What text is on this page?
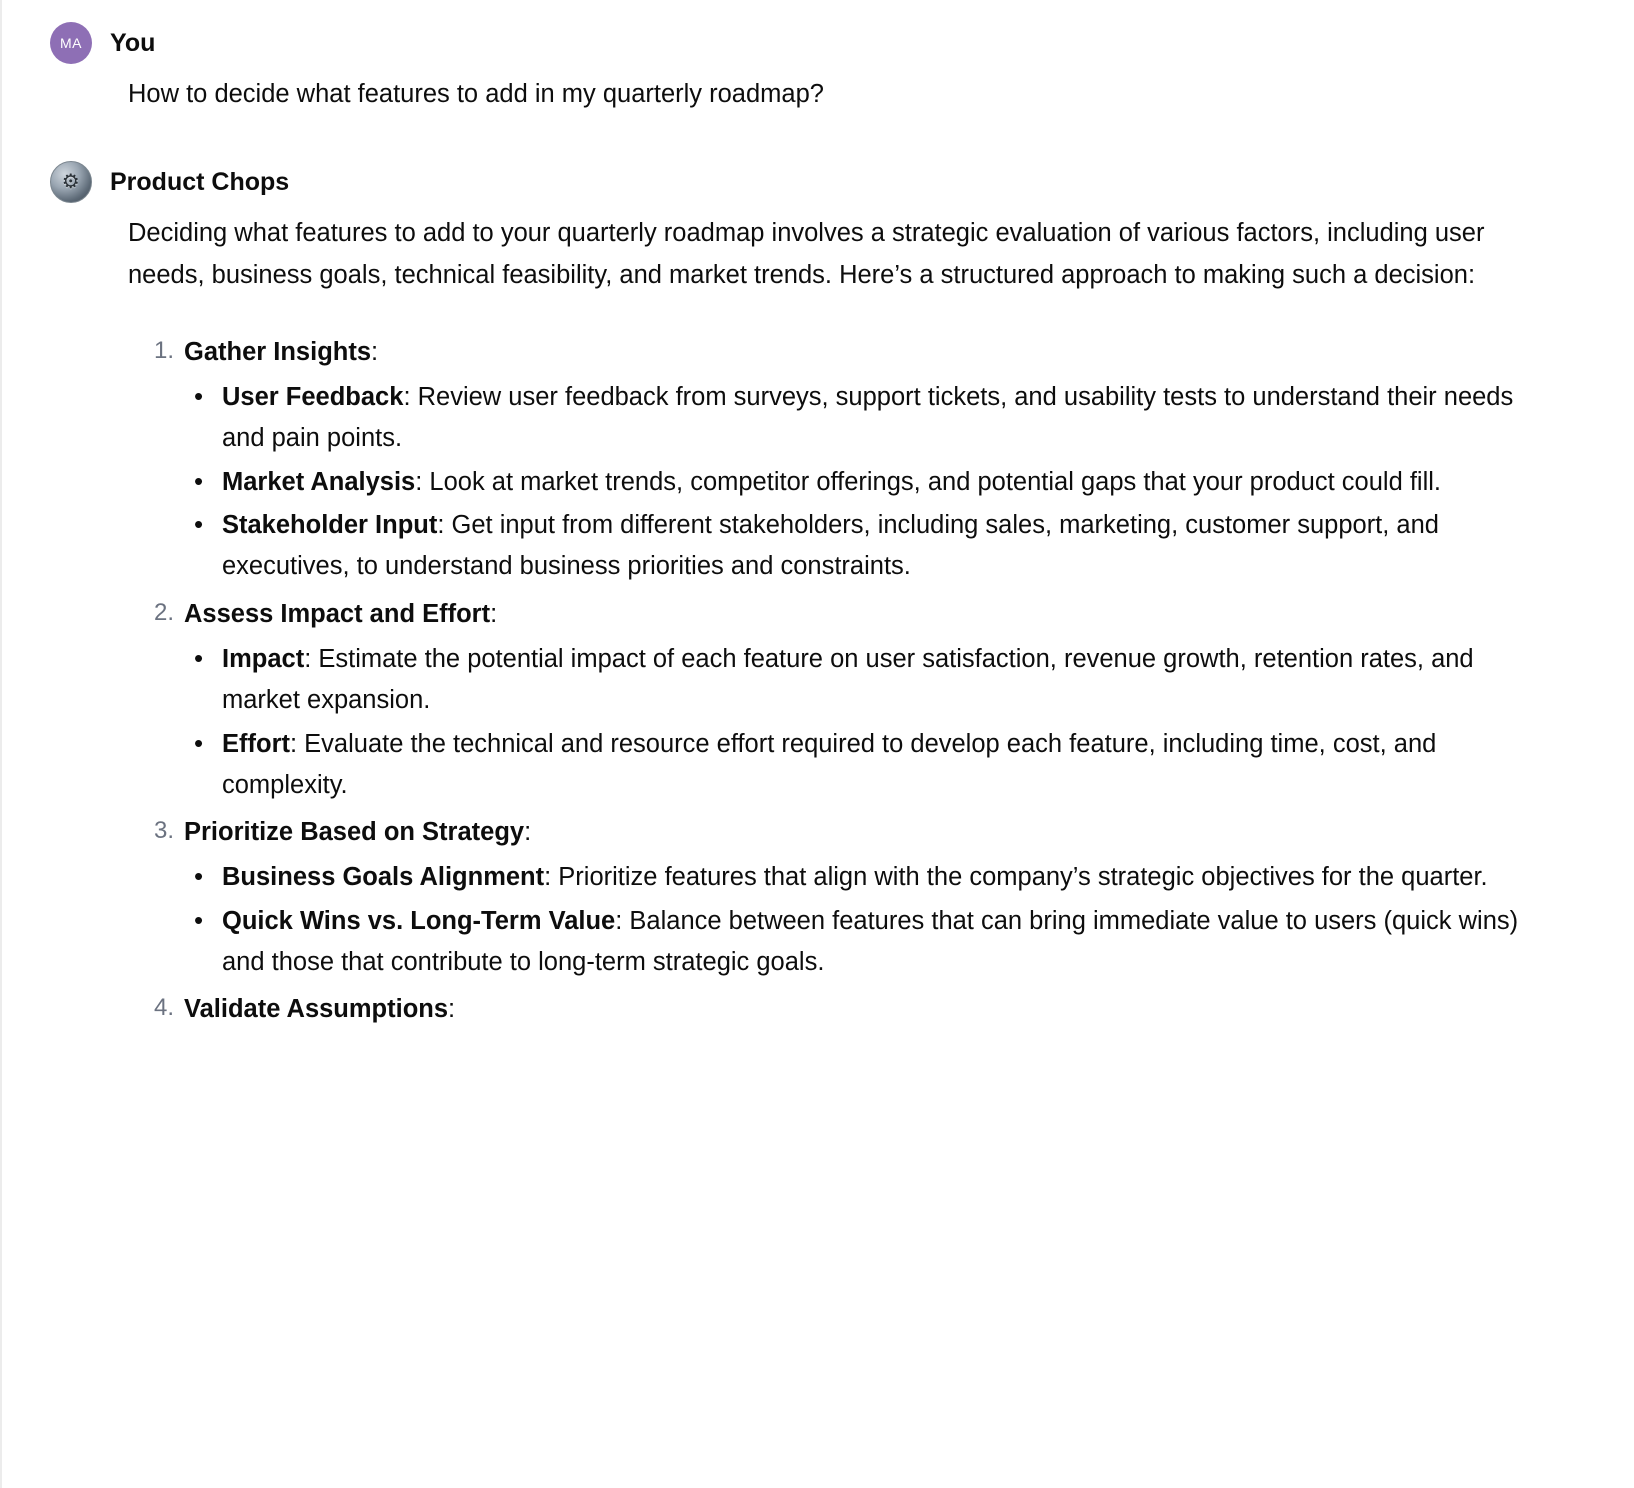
MA You

How to decide what features to add in my quarterly roadmap?

⚙ Product Chops

Deciding what features to add to your quarterly roadmap involves a strategic evaluation of various factors, including user needs, business goals, technical feasibility, and market trends. Here’s a structured approach to making such a decision:

Gather Insights:
• User Feedback: Review user feedback from surveys, support tickets, and usability tests to understand their needs and pain points.
• Market Analysis: Look at market trends, competitor offerings, and potential gaps that your product could fill.
• Stakeholder Input: Get input from different stakeholders, including sales, marketing, customer support, and executives, to understand business priorities and constraints.
Assess Impact and Effort:
• Impact: Estimate the potential impact of each feature on user satisfaction, revenue growth, retention rates, and market expansion.
• Effort: Evaluate the technical and resource effort required to develop each feature, including time, cost, and complexity.
Prioritize Based on Strategy:
• Business Goals Alignment: Prioritize features that align with the company’s strategic objectives for the quarter.
• Quick Wins vs. Long-Term Value: Balance between features that can bring immediate value to users (quick wins) and those that contribute to long-term strategic goals.
Validate Assumptions:
